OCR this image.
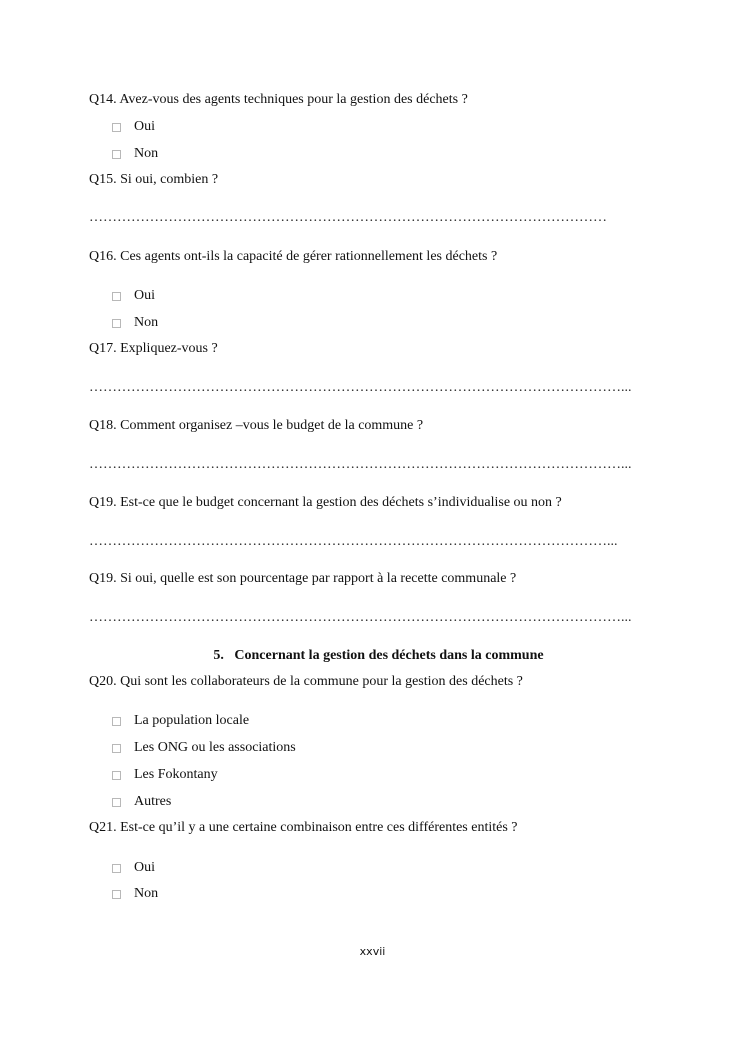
Q14. Avez-vous des agents techniques pour la gestion des déchets ?
Oui
Non
Q15. Si oui, combien ?
…………………………………………………………………………………………………
Q16. Ces agents ont-ils la capacité de gérer rationnellement les déchets ?
Oui
Non
Q17. Expliquez-vous ?
……………………………………………………………………………………………………...
Q18. Comment organisez –vous le budget de la commune ?
……………………………………………………………………………………………………...
Q19. Est-ce que le budget concernant la gestion des déchets s’individualise ou non ?
…………………………………………………………………………………………………...
Q19. Si oui, quelle est son pourcentage par rapport à la recette communale ?
……………………………………………………………………………………………………...
5. Concernant la gestion des déchets dans la commune
Q20. Qui sont les collaborateurs de la commune pour la gestion des déchets ?
La population locale
Les ONG ou les associations
Les Fokontany
Autres
Q21. Est-ce qu’il y a une certaine combinaison entre ces différentes entités ?
Oui
Non
xxvii
